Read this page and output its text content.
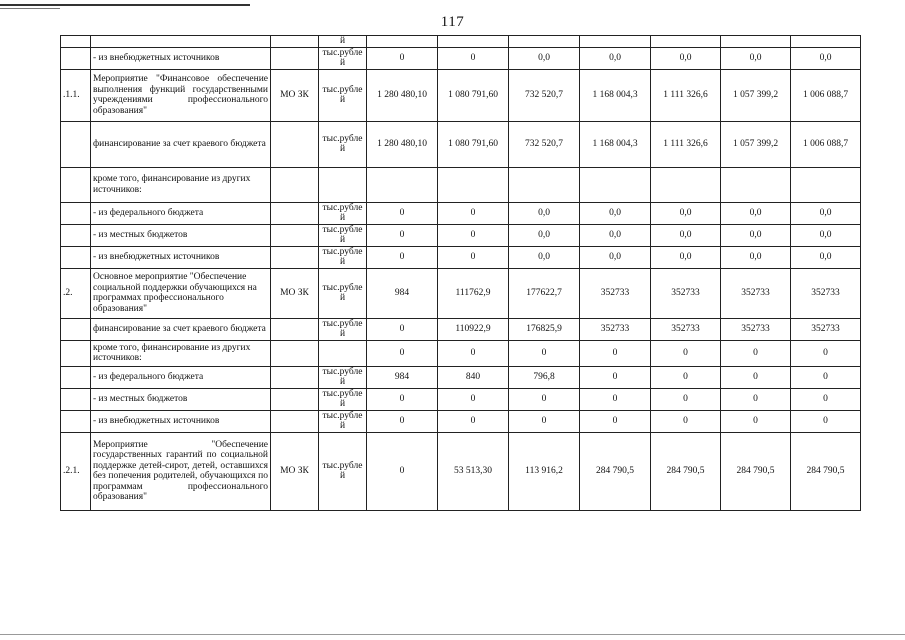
117
			й							
	- из внебюджетных источников		тыс.рубле й	0	0	0,0	0,0	0,0	0,0	0,0
.1.1.	Мероприятие "Финансовое обеспечение выполнения функций государственными учреждениями профессионального образования"	МО ЗК	тыс.рубле й	1 280 480,10	1 080 791,60	732 520,7	1 168 004,3	1 111 326,6	1 057 399,2	1 006 088,7
	финансирование за счет краевого бюджета		тыс.рубле й	1 280 480,10	1 080 791,60	732 520,7	1 168 004,3	1 111 326,6	1 057 399,2	1 006 088,7
	кроме того, финансирование из других источников:									
	- из федерального бюджета		тыс.рубле й	0	0	0,0	0,0	0,0	0,0	0,0
	- из местных бюджетов		тыс.рубле й	0	0	0,0	0,0	0,0	0,0	0,0
	- из внебюджетных источников		тыс.рубле й	0	0	0,0	0,0	0,0	0,0	0,0
.2.	Основное мероприятие "Обеспечение социальной поддержки обучающихся на программах профессионального образования"	МО ЗК	тыс.рубле й	984	111762,9	177622,7	352733	352733	352733	352733
	финансирование за счет краевого бюджета		тыс.рубле й	0	110922,9	176825,9	352733	352733	352733	352733
	кроме того, финансирование из других источников:			0	0	0	0	0	0	0
	- из федерального бюджета		тыс.рубле й	984	840	796,8	0	0	0	0
	- из местных бюджетов		тыс.рубле й	0	0	0	0	0	0	0
	- из внебюджетных источников		тыс.рубле й	0	0	0	0	0	0	0
.2.1.	Мероприятие "Обеспечение государственных гарантий по социальной поддержке детей-сирот, детей, оставшихся без попечения родителей, обучающихся по программам профессионального образования"	МО ЗК	тыс.рубле й	0	53 513,30	113 916,2	284 790,5	284 790,5	284 790,5	284 790,5
